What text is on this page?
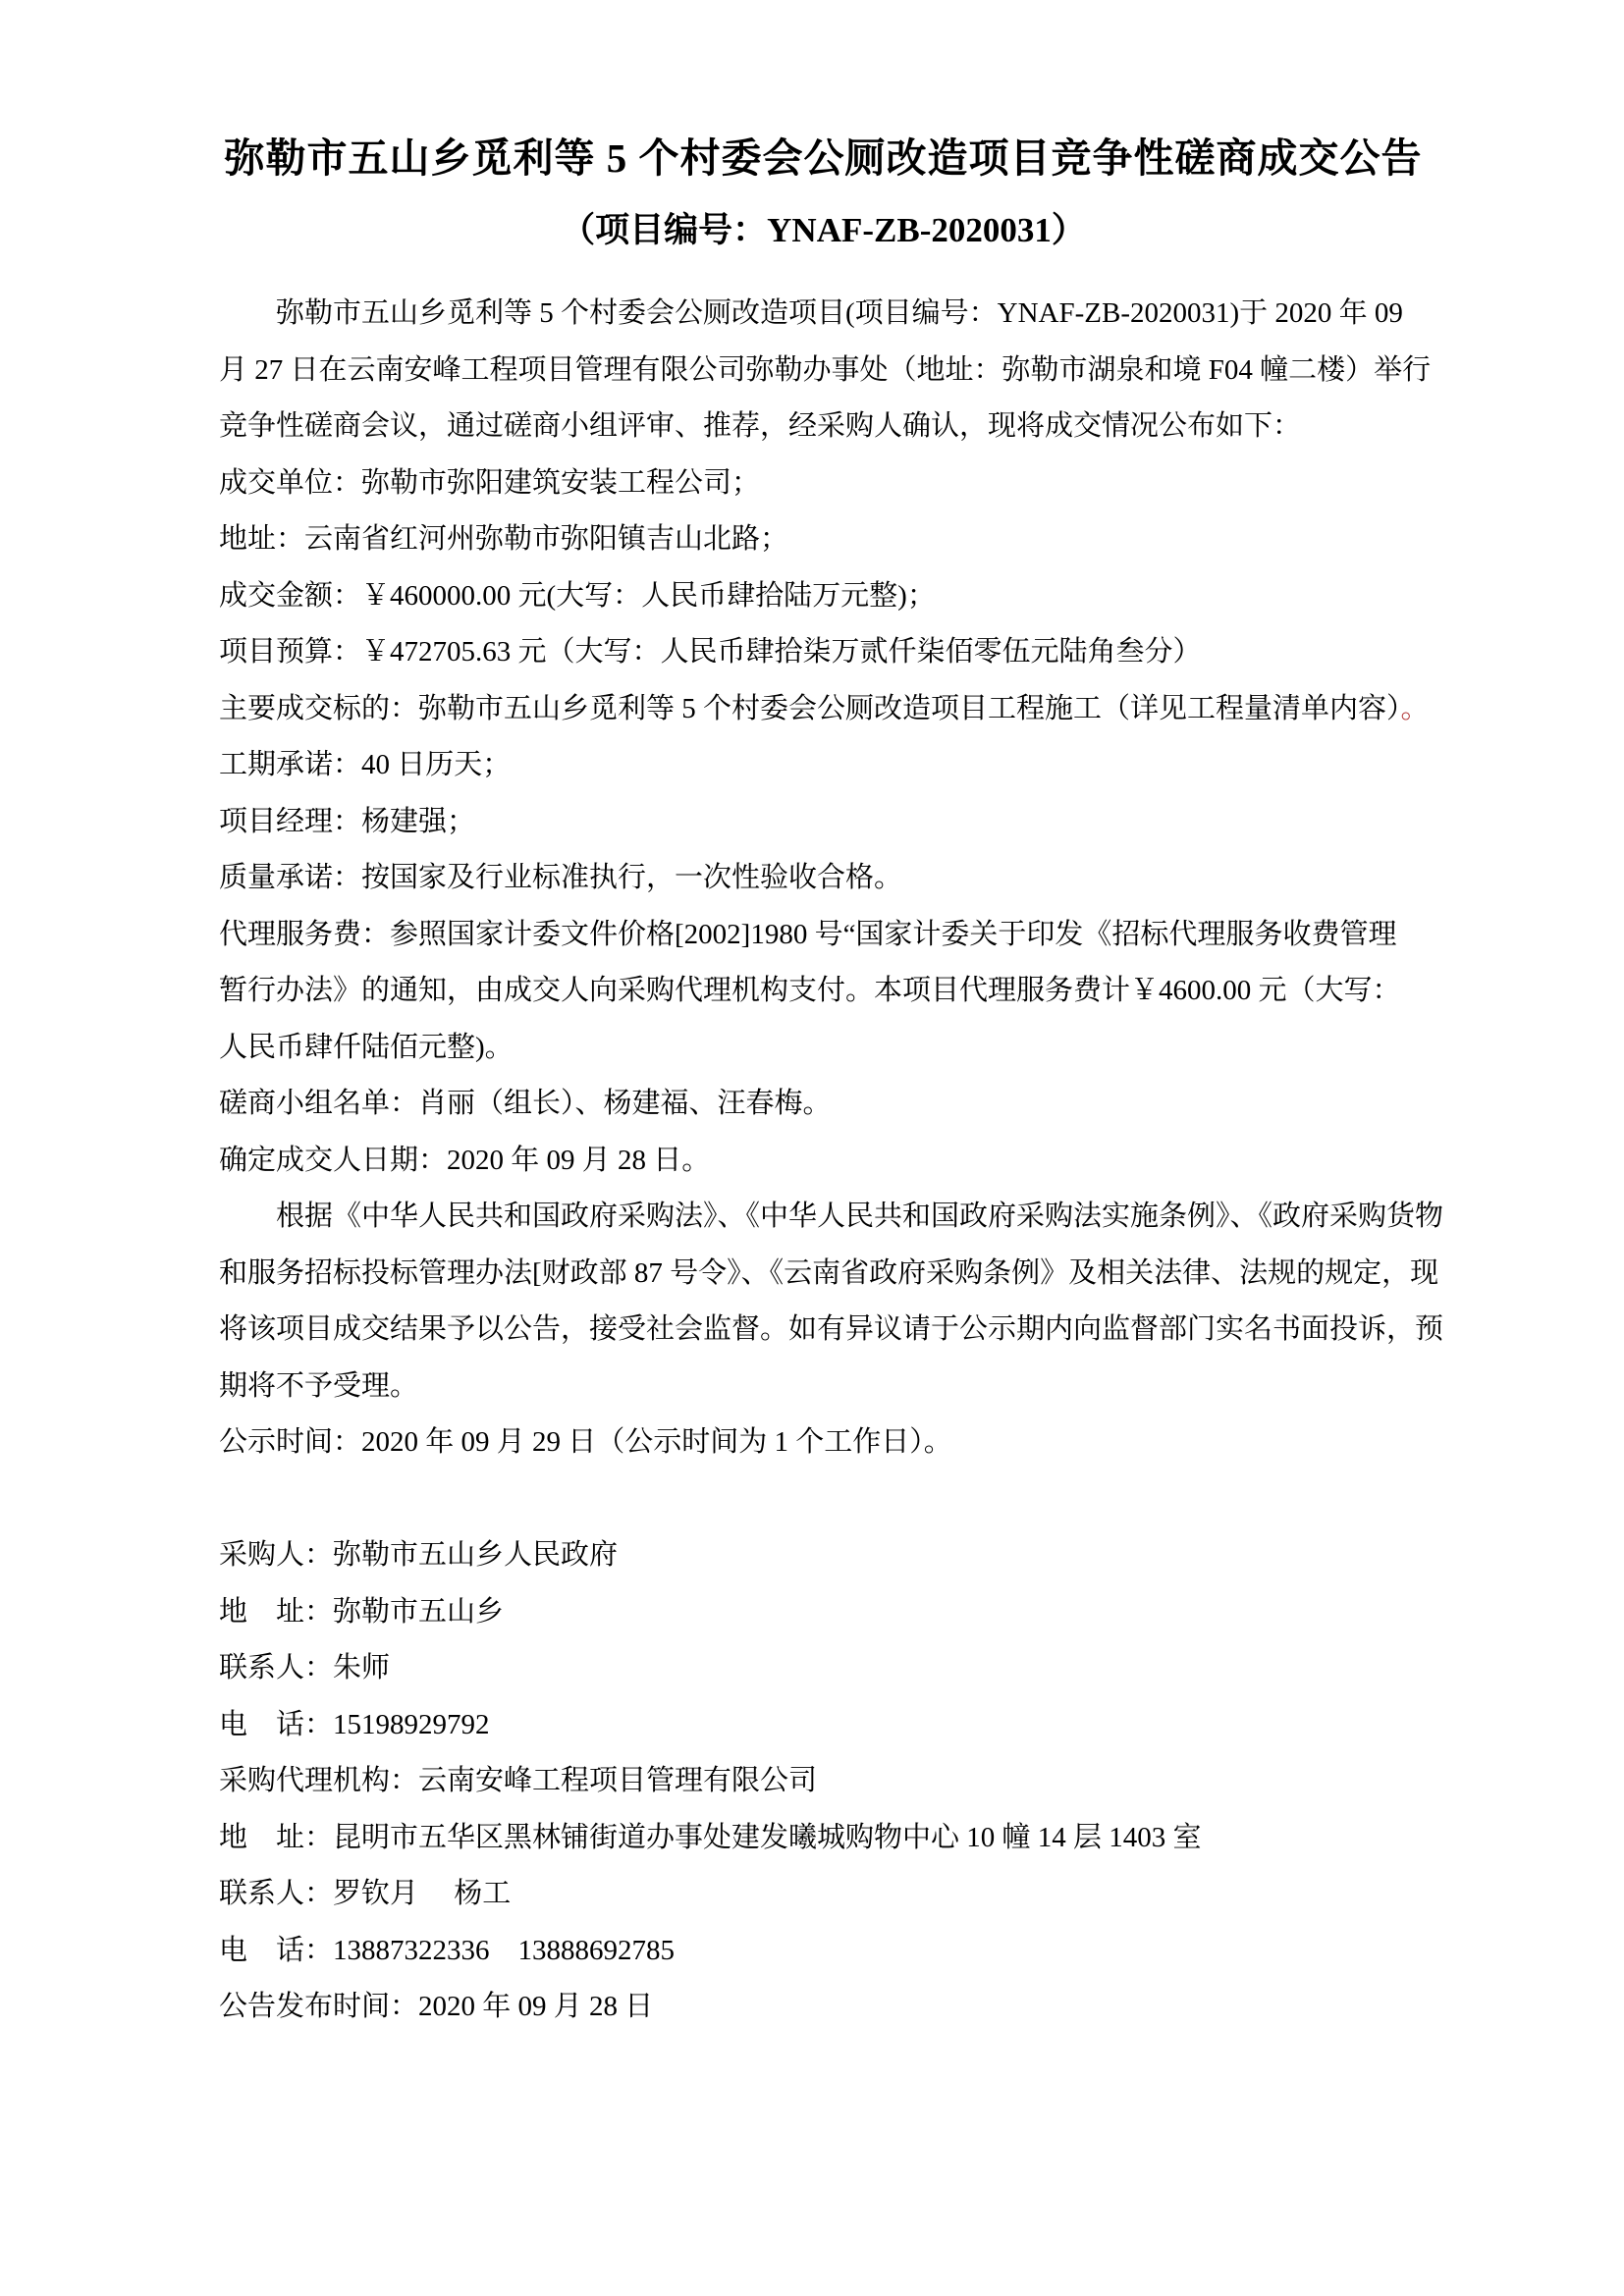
弥勒市五山乡觅利等 5 个村委会公厕改造项目竞争性磋商成交公告
（项目编号：YNAF-ZB-2020031）
弥勒市五山乡觅利等 5 个村委会公厕改造项目(项目编号：YNAF-ZB-2020031)于 2020 年 09
月 27 日在云南安峰工程项目管理有限公司弥勒办事处（地址：弥勒市湖泉和境 F04 幢二楼）举行
竞争性磋商会议，通过磋商小组评审、推荐，经采购人确认，现将成交情况公布如下：
成交单位：弥勒市弥阳建筑安装工程公司；
地址：云南省红河州弥勒市弥阳镇吉山北路；
成交金额：￥460000.00 元(大写：人民币肆拾陆万元整)；
项目预算：￥472705.63 元（大写：人民币肆拾柒万贰仟柒佰零伍元陆角叁分）
主要成交标的：弥勒市五山乡觅利等 5 个村委会公厕改造项目工程施工（详见工程量清单内容）。
工期承诺：40 日历天；
项目经理：杨建强；
质量承诺：按国家及行业标准执行，一次性验收合格。
代理服务费：参照国家计委文件价格[2002]1980 号“国家计委关于印发《招标代理服务收费管理
暂行办法》的通知，由成交人向采购代理机构支付。本项目代理服务费计￥4600.00 元（大写：
人民币肆仟陆佰元整)。
磋商小组名单：肖丽（组长）、杨建福、汪春梅。
确定成交人日期：2020 年 09 月 28 日。
根据《中华人民共和国政府采购法》、《中华人民共和国政府采购法实施条例》、《政府采购货物
和服务招标投标管理办法[财政部 87 号令》、《云南省政府采购条例》及相关法律、法规的规定，现
将该项目成交结果予以公告，接受社会监督。如有异议请于公示期内向监督部门实名书面投诉，预
期将不予受理。
公示时间：2020 年 09 月 29 日（公示时间为 1 个工作日）。
采购人：弥勒市五山乡人民政府
地　址：弥勒市五山乡
联系人：朱师
电　话：15198929792
采购代理机构：云南安峰工程项目管理有限公司
地　址：昆明市五华区黑林铺街道办事处建发曦城购物中心 10 幢 14 层 1403 室
联系人：罗钦月　 杨工
电　话：13887322336    13888692785
公告发布时间：2020 年 09 月 28 日
